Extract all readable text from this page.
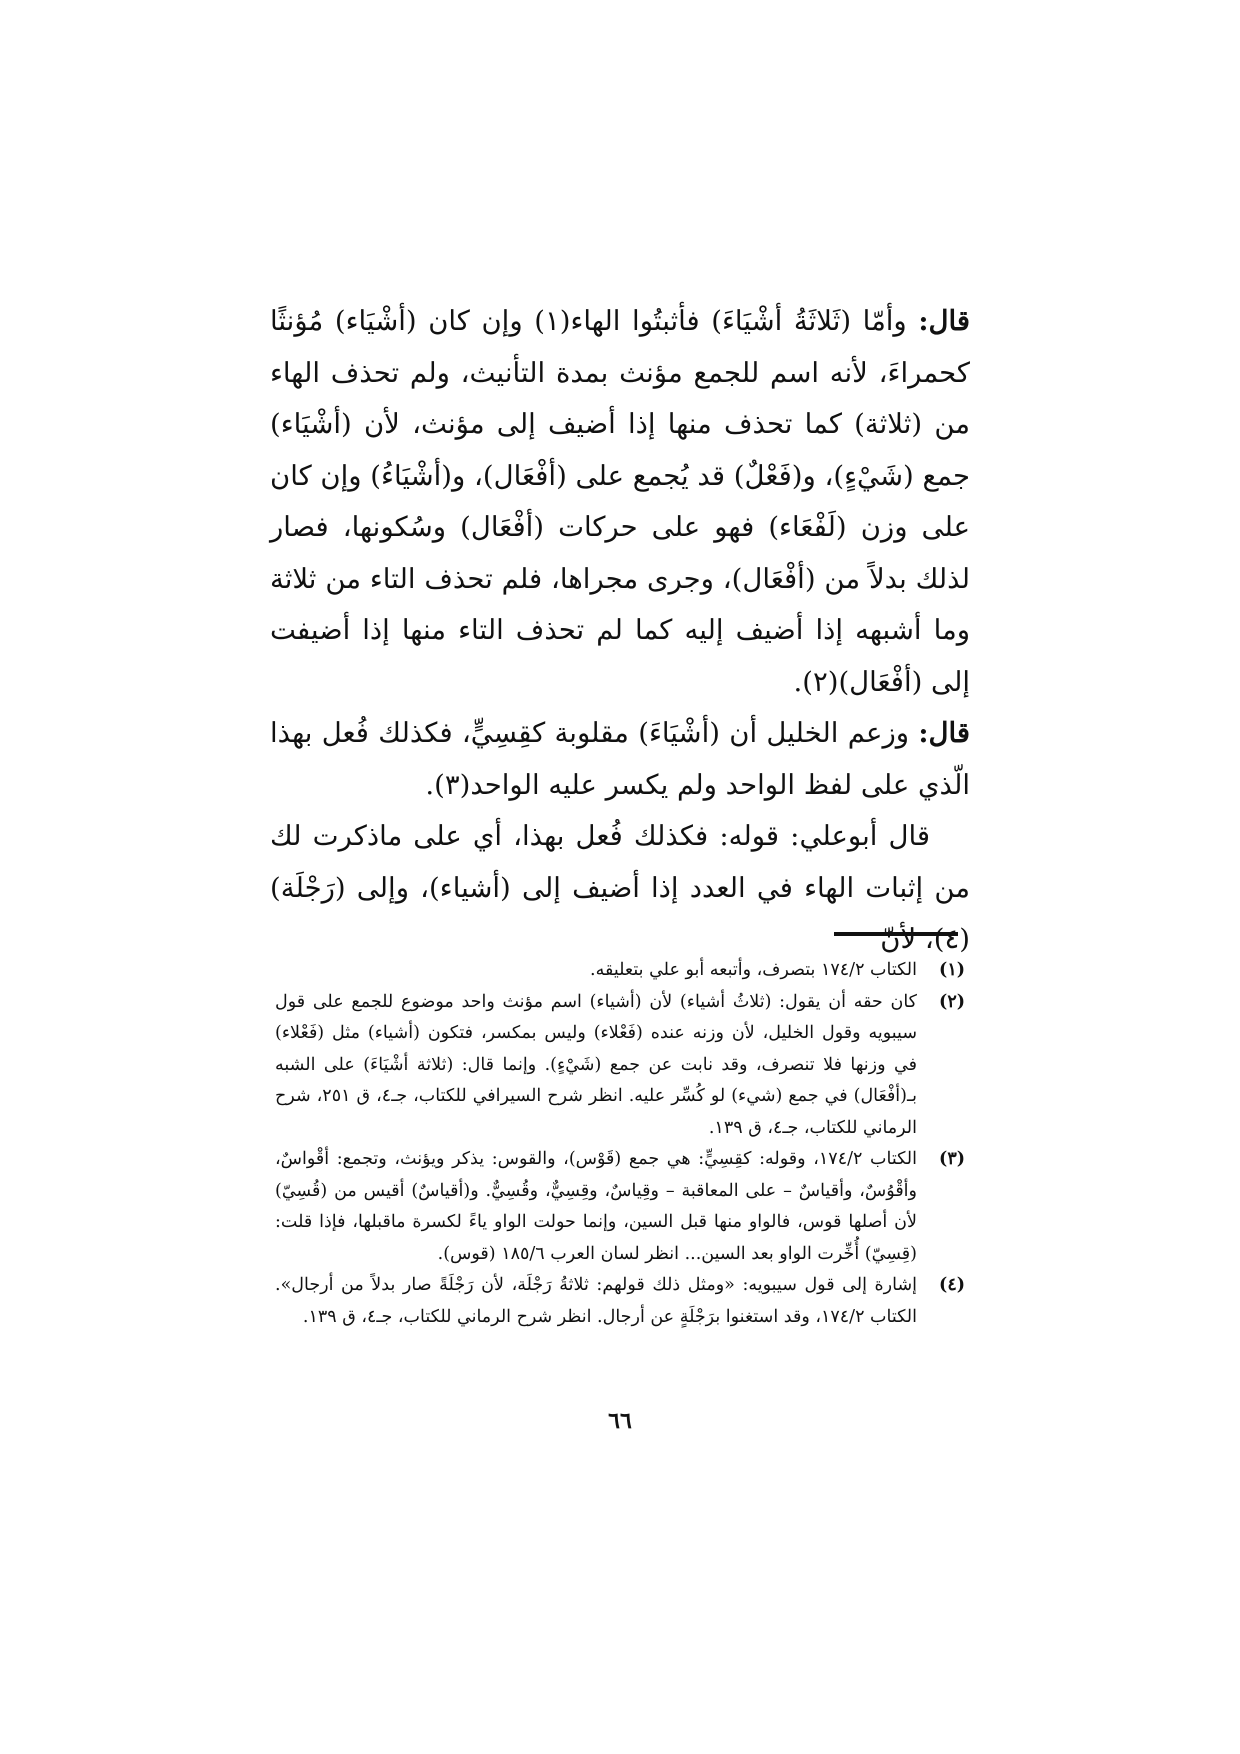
قال: وأمّا (ثَلاثَةُ أشْيَاءَ) فأثبتُوا الهاء(١) وإن كان (أشْيَاء) مُؤنثًا كحمراءَ، لأنه اسم للجمع مؤنث بمدة التأنيث، ولم تحذف الهاء من (ثلاثة) كما تحذف منها إذا أضيف إلى مؤنث، لأن (أشْيَاء) جمع (شَيْءٍ)، و(فَعْلٌ) قد يُجمع على (أفْعَال)، و(أشْيَاءُ) وإن كان على وزن (لَفْعَاء) فهو على حركات (أفْعَال) وسُكونها، فصار لذلك بدلاً من (أفْعَال)، وجرى مجراها، فلم تحذف التاء من ثلاثة وما أشبهه إذا أضيف إليه كما لم تحذف التاء منها إذا أضيفت إلى (أفْعَال)(٢).

قال: وزعم الخليل أن (أشْيَاءَ) مقلوبة كقِسِيٍّ، فكذلك فُعل بهذا الّذي على لفظ الواحد ولم يكسر عليه الواحد(٣).

قال أبوعلي: قوله: فكذلك فُعل بهذا، أي على ماذكرت لك من إثبات الهاء في العدد إذا أضيف إلى (أشياء)، وإلى (رَجْلَة)(٤)، لأنّ

(١)
الكتاب ١٧٤/٢ بتصرف، وأتبعه أبو علي بتعليقه.
(٢)
كان حقه أن يقول: (ثلاثُ أشياء) لأن (أشياء) اسم مؤنث واحد موضوع للجمع على قول سيبويه وقول الخليل، لأن وزنه عنده (فَعْلاء) وليس بمكسر، فتكون (أشياء) مثل (فَعْلاء) في وزنها فلا تنصرف، وقد نابت عن جمع (شَيْءٍ). وإنما قال: (ثلاثة أشْيَاءَ) على الشبه بـ(أفْعَال) في جمع (شيء) لو كُسِّر عليه. انظر شرح السيرافي للكتاب، جـ٤، ق ٢٥١، شرح الرماني للكتاب، جـ٤، ق ١٣٩.
(٣)
الكتاب ١٧٤/٢، وقوله: كقِسِيٍّ: هي جمع (قَوْس)، والقوس: يذكر ويؤنث، وتجمع: أقْواسٌ، وأقْوُسٌ، وأقياسٌ – على المعاقبة – وقِياسٌ، وقِسِيٌّ، وقُسِيٌّ. و(أقياسٌ) أقيس من (قُسِيّ) لأن أصلها قوس، فالواو منها قبل السين، وإنما حولت الواو ياءً لكسرة ماقبلها، فإذا قلت: (قِسِيّ) أُخِّرت الواو بعد السين... انظر لسان العرب ١٨٥/٦ (قوس).
(٤)
إشارة إلى قول سيبويه: «ومثل ذلك قولهم: ثلاثةُ رَجْلَة، لأن رَجْلَةً صار بدلاً من أرجال». الكتاب ١٧٤/٢، وقد استغنوا برَجْلَةٍ عن أرجال. انظر شرح الرماني للكتاب، جـ٤، ق ١٣٩.
٦٦
